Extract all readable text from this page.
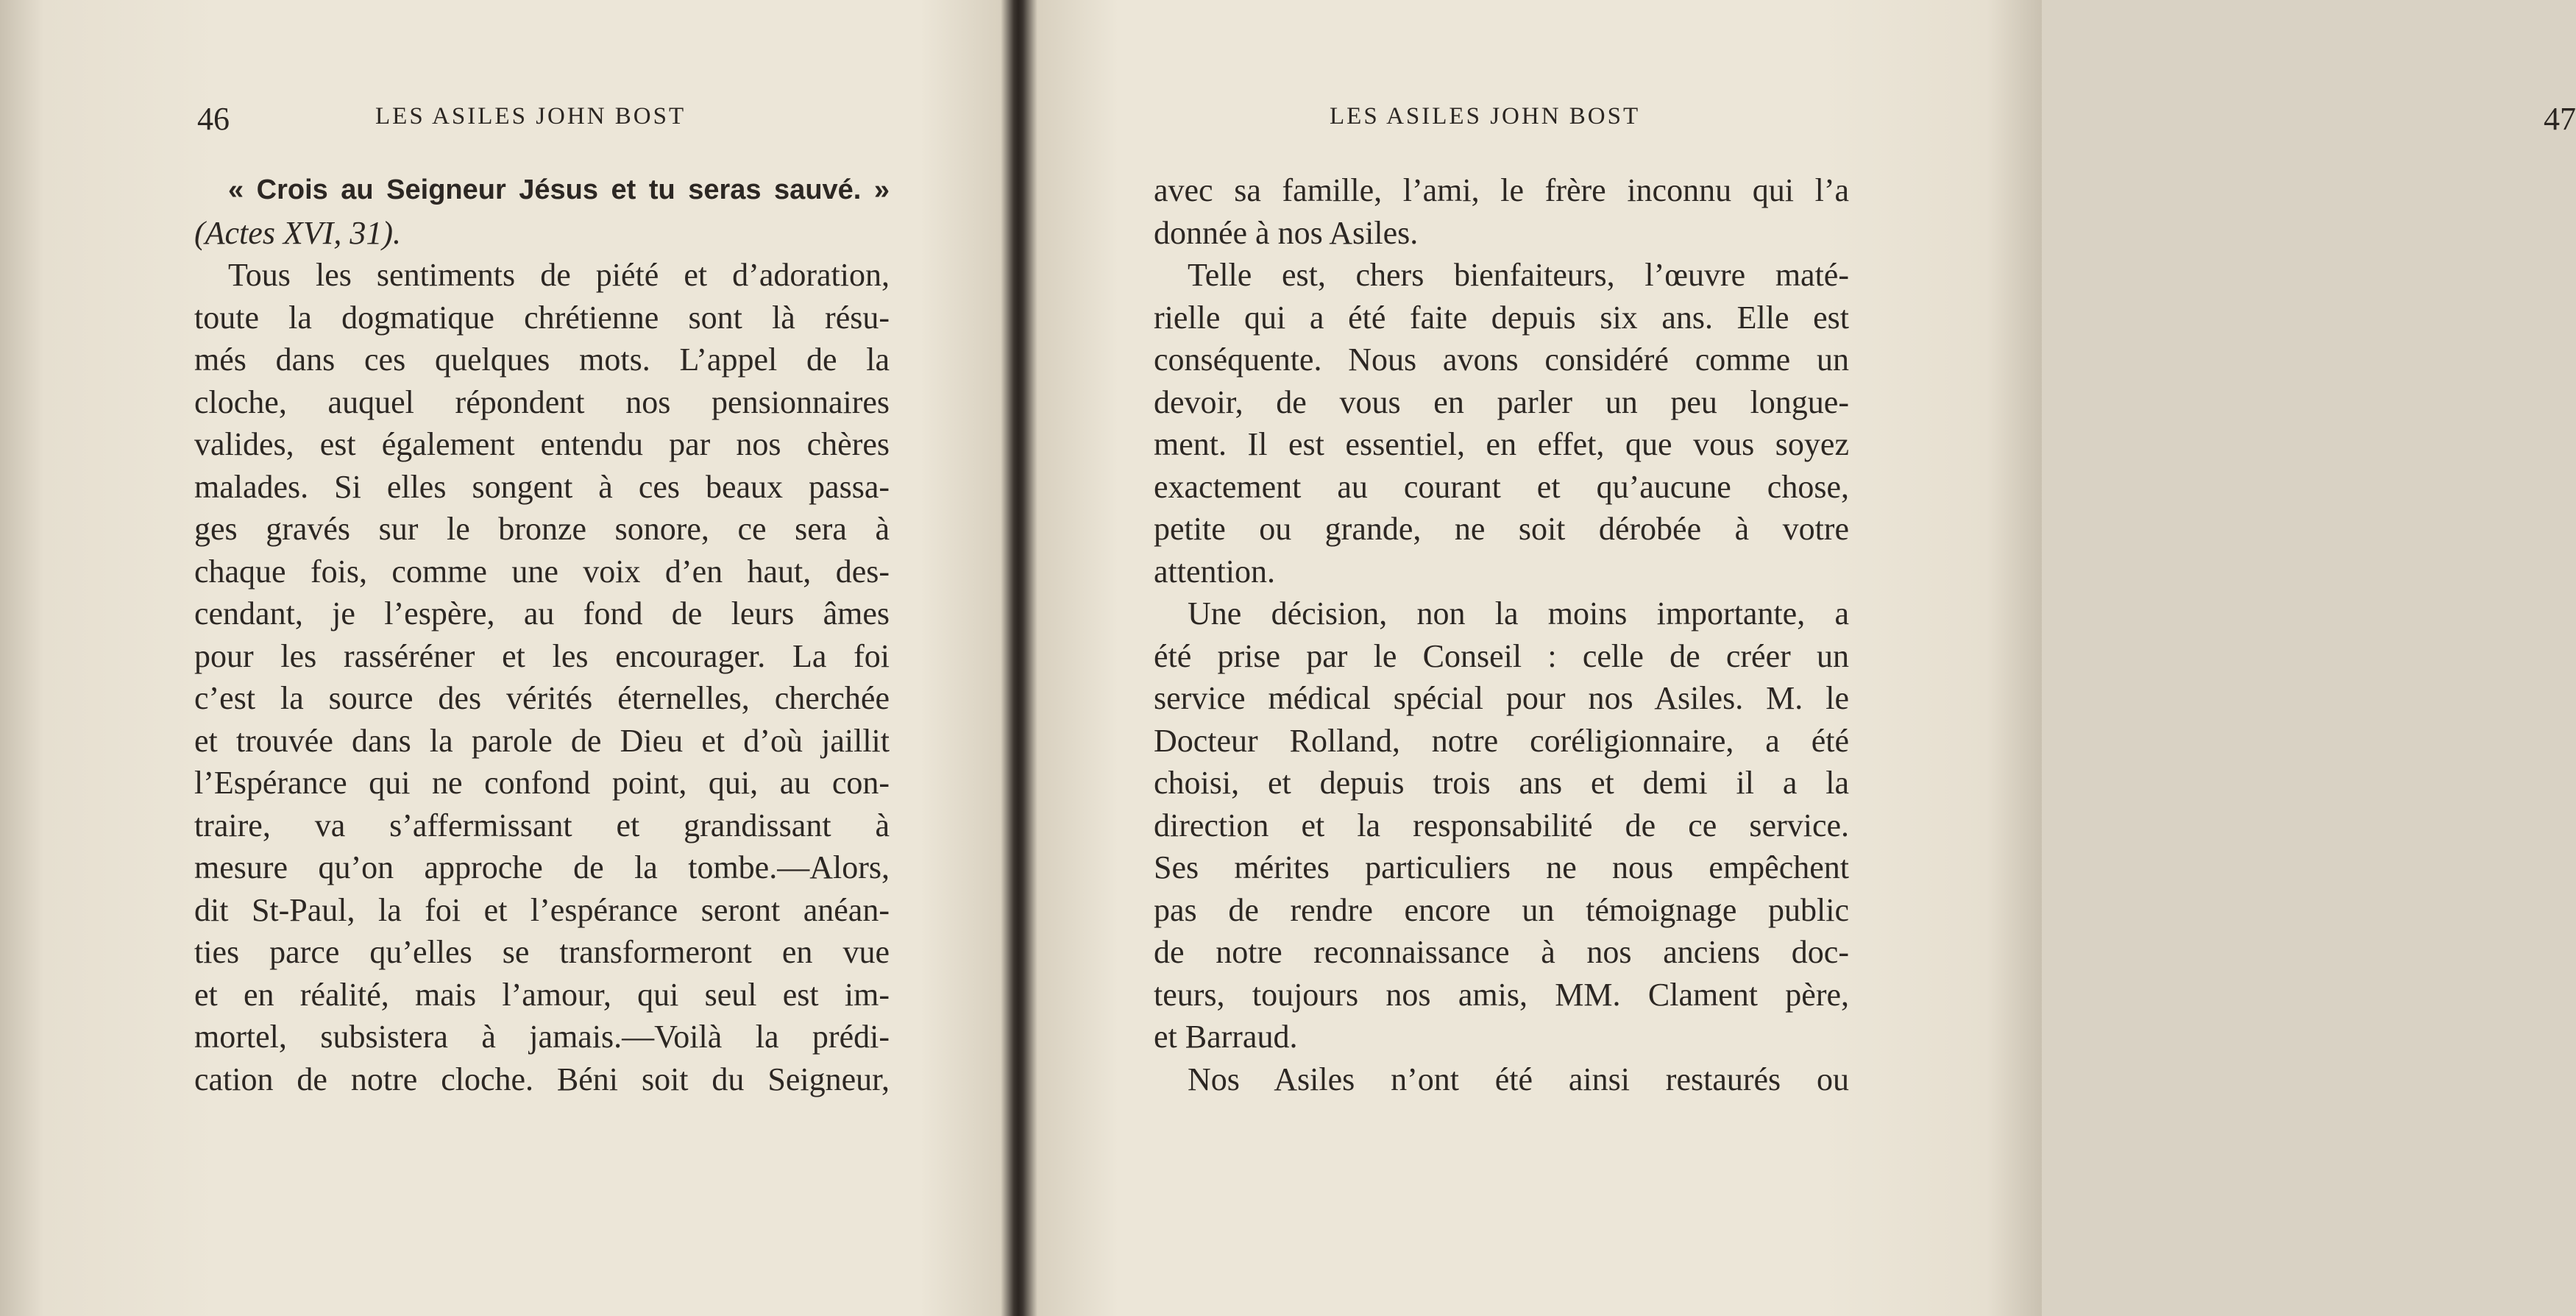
46	LES ASILES JOHN BOST
« Crois au Seigneur Jésus et tu seras sauvé. »
(Actes XVI, 31).
Tous les sentiments de piété et d’adoration,
toute la dogmatique chrétienne sont là résu-
més dans ces quelques mots. L’appel de la
cloche, auquel répondent nos pensionnaires
valides, est également entendu par nos chères
malades. Si elles songent à ces beaux passa-
ges gravés sur le bronze sonore, ce sera à
chaque fois, comme une voix d’en haut, des-
cendant, je l’espère, au fond de leurs âmes
pour les rasséréner et les encourager. La foi
c’est la source des vérités éternelles, cherchée
et trouvée dans la parole de Dieu et d’où jaillit
l’Espérance qui ne confond point, qui, au con-
traire, va s’affermissant et grandissant à
mesure qu’on approche de la tombe.—Alors,
dit St-Paul, la foi et l’espérance seront anéan-
ties parce qu’elles se transformeront en vue
et en réalité, mais l’amour, qui seul est im-
mortel, subsistera à jamais.—Voilà la prédi-
cation de notre cloche. Béni soit du Seigneur,
LES ASILES JOHN BOST	47
avec sa famille, l’ami, le frère inconnu qui l’a
donnée à nos Asiles.
Telle est, chers bienfaiteurs, l’œuvre maté-
rielle qui a été faite depuis six ans. Elle est
conséquente. Nous avons considéré comme un
devoir, de vous en parler un peu longue-
ment. Il est essentiel, en effet, que vous soyez
exactement au courant et qu’aucune chose,
petite ou grande, ne soit dérobée à votre
attention.
Une décision, non la moins importante, a
été prise par le Conseil : celle de créer un
service médical spécial pour nos Asiles. M. le
Docteur Rolland, notre coréligionnaire, a été
choisi, et depuis trois ans et demi il a la
direction et la responsabilité de ce service.
Ses mérites particuliers ne nous empêchent
pas de rendre encore un témoignage public
de notre reconnaissance à nos anciens doc-
teurs, toujours nos amis, MM. Clament père,
et Barraud.
Nos Asiles n’ont été ainsi restaurés ou
